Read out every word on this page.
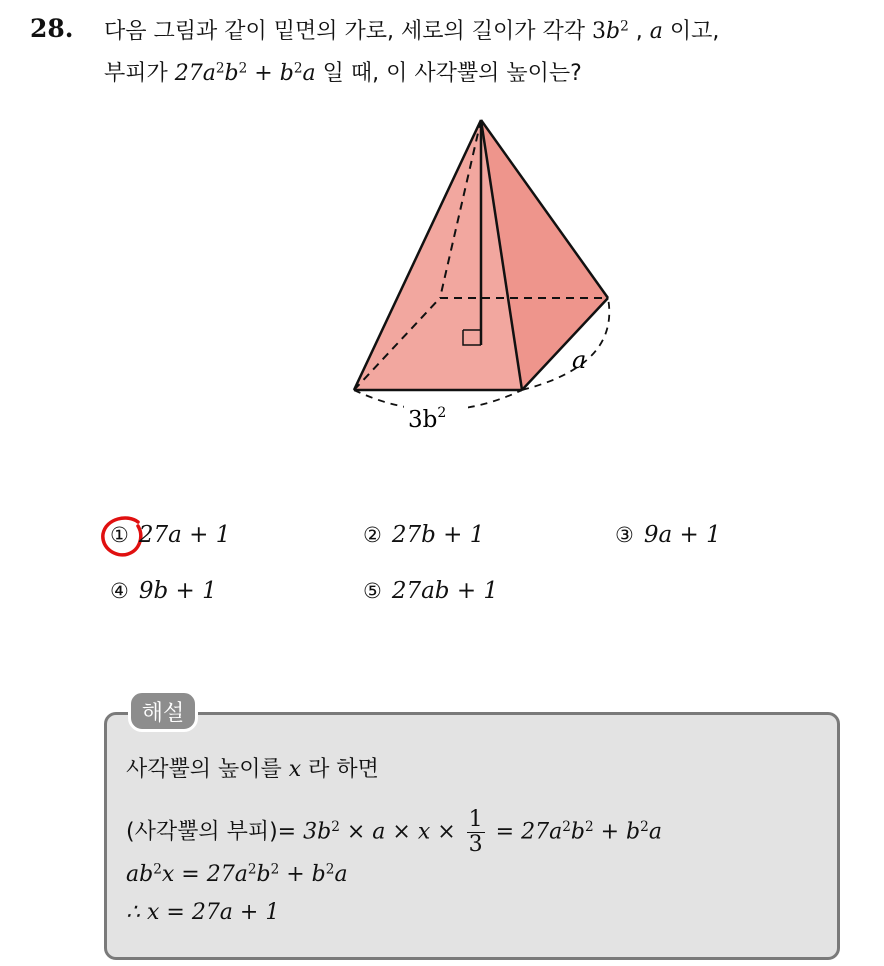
28. 다음 그림과 같이 밑면의 가로, 세로의 길이가 각각 $3b^2$ , a 이고,
부피가 $27a^2b^2 + b^2a$ 일 때, 이 사각뿔의 높이는?
$3b^2$
a
① 27a + 1	② 27b + 1	③ 9a + 1
④ 9b + 1	⑤ 27ab + 1
해설
사각뿔의 높이를 x 라 하면
(사각뿔의 부피)= $3b^2 \times a \times x \times \frac{1}{3} = 27a^2b^2 + b^2a$
$ab^2x = 27a^2b^2 + b^2a$
∴ x = 27a + 1
